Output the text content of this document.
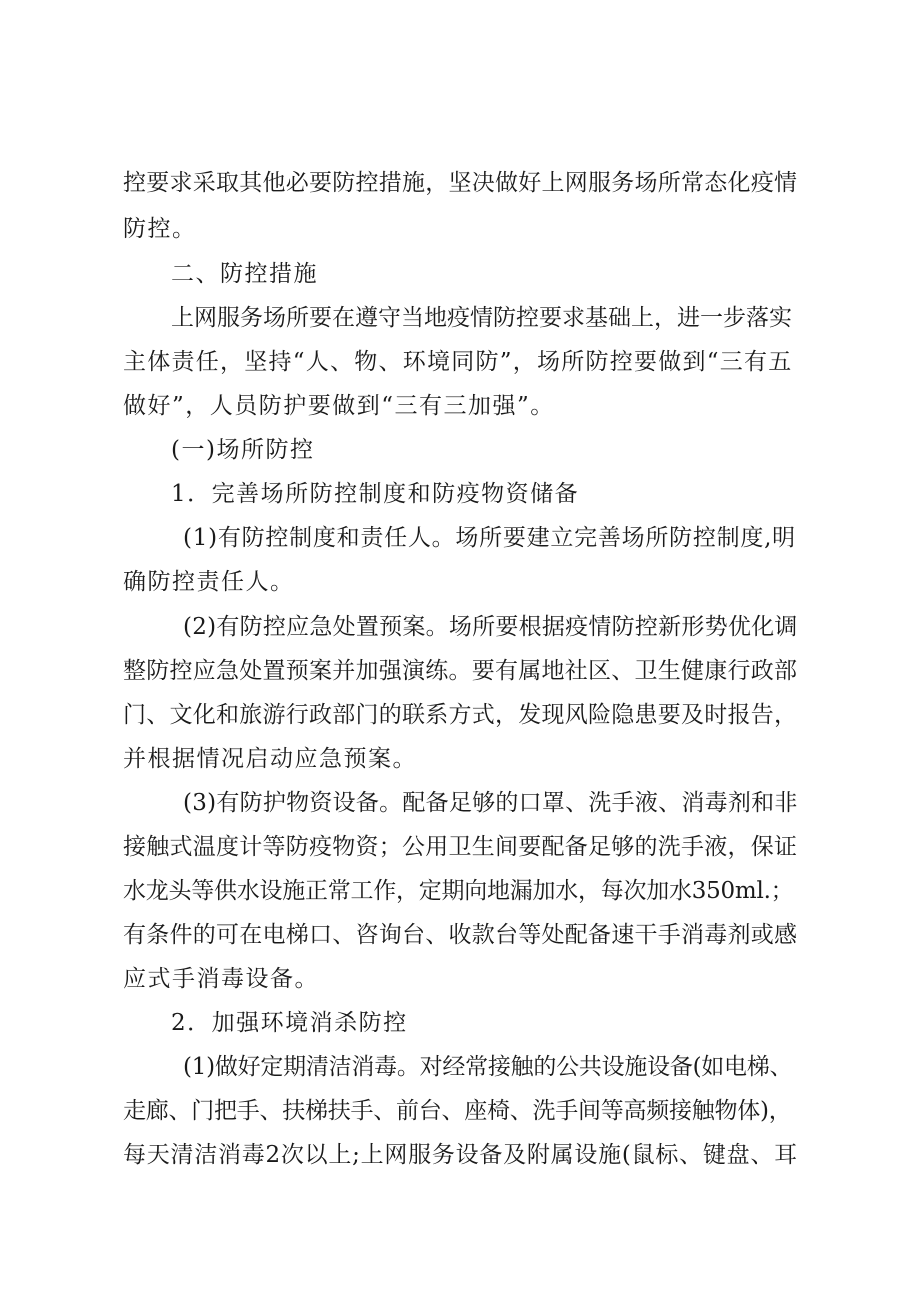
控要求采取其他必要防控措施，坚决做好上网服务场所常态化疫情
防控。
二、防控措施
上网服务场所要在遵守当地疫情防控要求基础上，进一步落实
主体责任，坚持“人、物、环境同防”，场所防控要做到“三有五
做好”，人员防护要做到“三有三加强”。
(一)场所防控
1．完善场所防控制度和防疫物资储备
(1)有防控制度和责任人。场所要建立完善场所防控制度,明
确防控责任人。
(2)有防控应急处置预案。场所要根据疫情防控新形势优化调
整防控应急处置预案并加强演练。要有属地社区、卫生健康行政部
门、文化和旅游行政部门的联系方式，发现风险隐患要及时报告，
并根据情况启动应急预案。
(3)有防护物资设备。配备足够的口罩、洗手液、消毒剂和非
接触式温度计等防疫物资；公用卫生间要配备足够的洗手液，保证
水龙头等供水设施正常工作，定期向地漏加水，每次加水350ml.；
有条件的可在电梯口、咨询台、收款台等处配备速干手消毒剂或感
应式手消毒设备。
2．加强环境消杀防控
(1)做好定期清洁消毒。对经常接触的公共设施设备(如电梯、
走廊、门把手、扶梯扶手、前台、座椅、洗手间等高频接触物体)，
每天清洁消毒2次以上;上网服务设备及附属设施(鼠标、键盘、耳
